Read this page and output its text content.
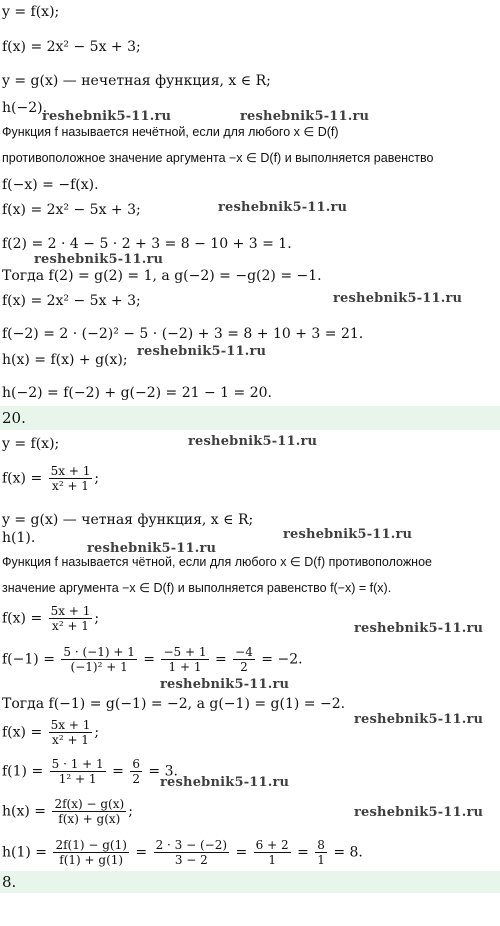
y = f(x);
f(x) = 2x² − 5x + 3;
y = g(x) — нечетная функция, x ∈ R;
h(−2).
Функция f называется нечётной, если для любого x ∈ D(f)
противоположное значение аргумента −x ∈ D(f) и выполняется равенство
f(−x) = −f(x).
f(x) = 2x² − 5x + 3;
f(2) = 2 · 4 − 5 · 2 + 3 = 8 − 10 + 3 = 1.
Тогда f(2) = g(2) = 1, а g(−2) = −g(2) = −1.
f(x) = 2x² − 5x + 3;
f(−2) = 2 · (−2)² − 5 · (−2) + 3 = 8 + 10 + 3 = 21.
h(x) = f(x) + g(x);
h(−2) = f(−2) + g(−2) = 21 − 1 = 20.
20.
y = f(x);
$f(x) = \frac{5x + 1}{\text{x² + 1}}$ ;
y = g(x) — четная функция, x ∈ R;
h(1).
Функция f называется чётной, если для любого x ∈ D(f) противоположное
значение аргумента −x ∈ D(f) и выполняется равенство f(−x) = f(x).
$f(x) = \frac{5x + 1}{\text{x² + 1}}$ ;
$f(-1) = \frac{5 \cdot (-1) + 1}{\text{(−1)² + 1}} = \frac{-5 + 1}{1 + 1} = \frac{-4}{2} = -2$.
Тогда f(−1) = g(−1) = −2, а g(−1) = g(1) = −2.
$f(x) = \frac{5x + 1}{\text{x² + 1}}$ ;
$f(1) = \frac{5 \cdot 1 + 1}{\text{1² + 1}} = \frac{6}{2} = 3$.
$h(x) = \frac{2f(x) - g(x)}{f(x) + g(x)}$ ;
$h(1) = \frac{2f(1) - g(1)}{f(1) + g(1)} = \frac{2 \cdot 3 - (-2)}{3 - 2} = \frac{6 + 2}{1} = \frac{8}{1} = 8$.
8.
reshebnik5-11.ru	reshebnik5-11.ru
reshebnik5-11.ru
reshebnik5-11.ru
reshebnik5-11.ru
reshebnik5-11.ru
reshebnik5-11.ru
reshebnik5-11.ru
reshebnik5-11.ru
reshebnik5-11.ru
reshebnik5-11.ru
reshebnik5-11.ru
reshebnik5-11.ru
reshebnik5-11.ru
